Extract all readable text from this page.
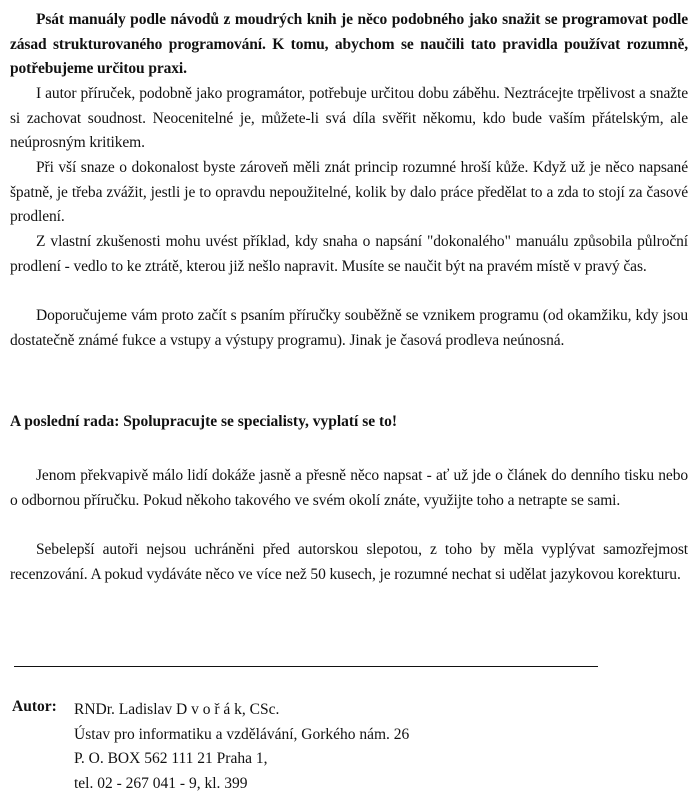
Psát manuály podle návodů z moudrých knih je něco podobného jako snažit se programovat podle zásad strukturovaného programování. K tomu, abychom se naučili tato pravidla používat rozumně, potřebujeme určitou praxi.

I autor příruček, podobně jako programátor, potřebuje určitou dobu záběhu. Neztrácejte trpělivost a snažte si zachovat soudnost. Neocenitelné je, můžete-li svá díla svěřit někomu, kdo bude vaším přátelským, ale neúprosným kritikem.

Při vší snaze o dokonalost byste zároveň měli znát princip rozumné hroší kůže. Když už je něco napsané špatně, je třeba zvážit, jestli je to opravdu nepoužitelné, kolik by dalo práce předělat to a zda to stojí za časové prodlení.

Z vlastní zkušenosti mohu uvést příklad, kdy snaha o napsání "dokonalého" manuálu způsobila půlroční prodlení - vedlo to ke ztrátě, kterou již nešlo napravit. Musíte se naučit být na pravém místě v pravý čas.

Doporučujeme vám proto začít s psaním příručky souběžně se vznikem programu (od okamžiku, kdy jsou dostatečně známé fukce a vstupy a výstupy programu). Jinak je časová prodleva neúnosná.

A poslední rada: Spolupracujte se specialisty, vyplatí se to!

Jenom překvapivě málo lidí dokáže jasně a přesně něco napsat - ať už jde o článek do denního tisku nebo o odbornou příručku. Pokud někoho takového ve svém okolí znáte, využijte toho a netrapte se sami.

Sebelepší autoři nejsou uchráněni před autorskou slepotou, z toho by měla vyplývat samozřejmost recenzování. A pokud vydáváte něco ve více než 50 kusech, je rozumné nechat si udělat jazykovou korekturu.

Autor: RNDr. Ladislav D v o ř á k, CSc.
Ústav pro informatiku a vzdělávání, Gorkého nám. 26
P. O. BOX 562 111 21 Praha 1,
tel. 02 - 267 041 - 9, kl. 399
